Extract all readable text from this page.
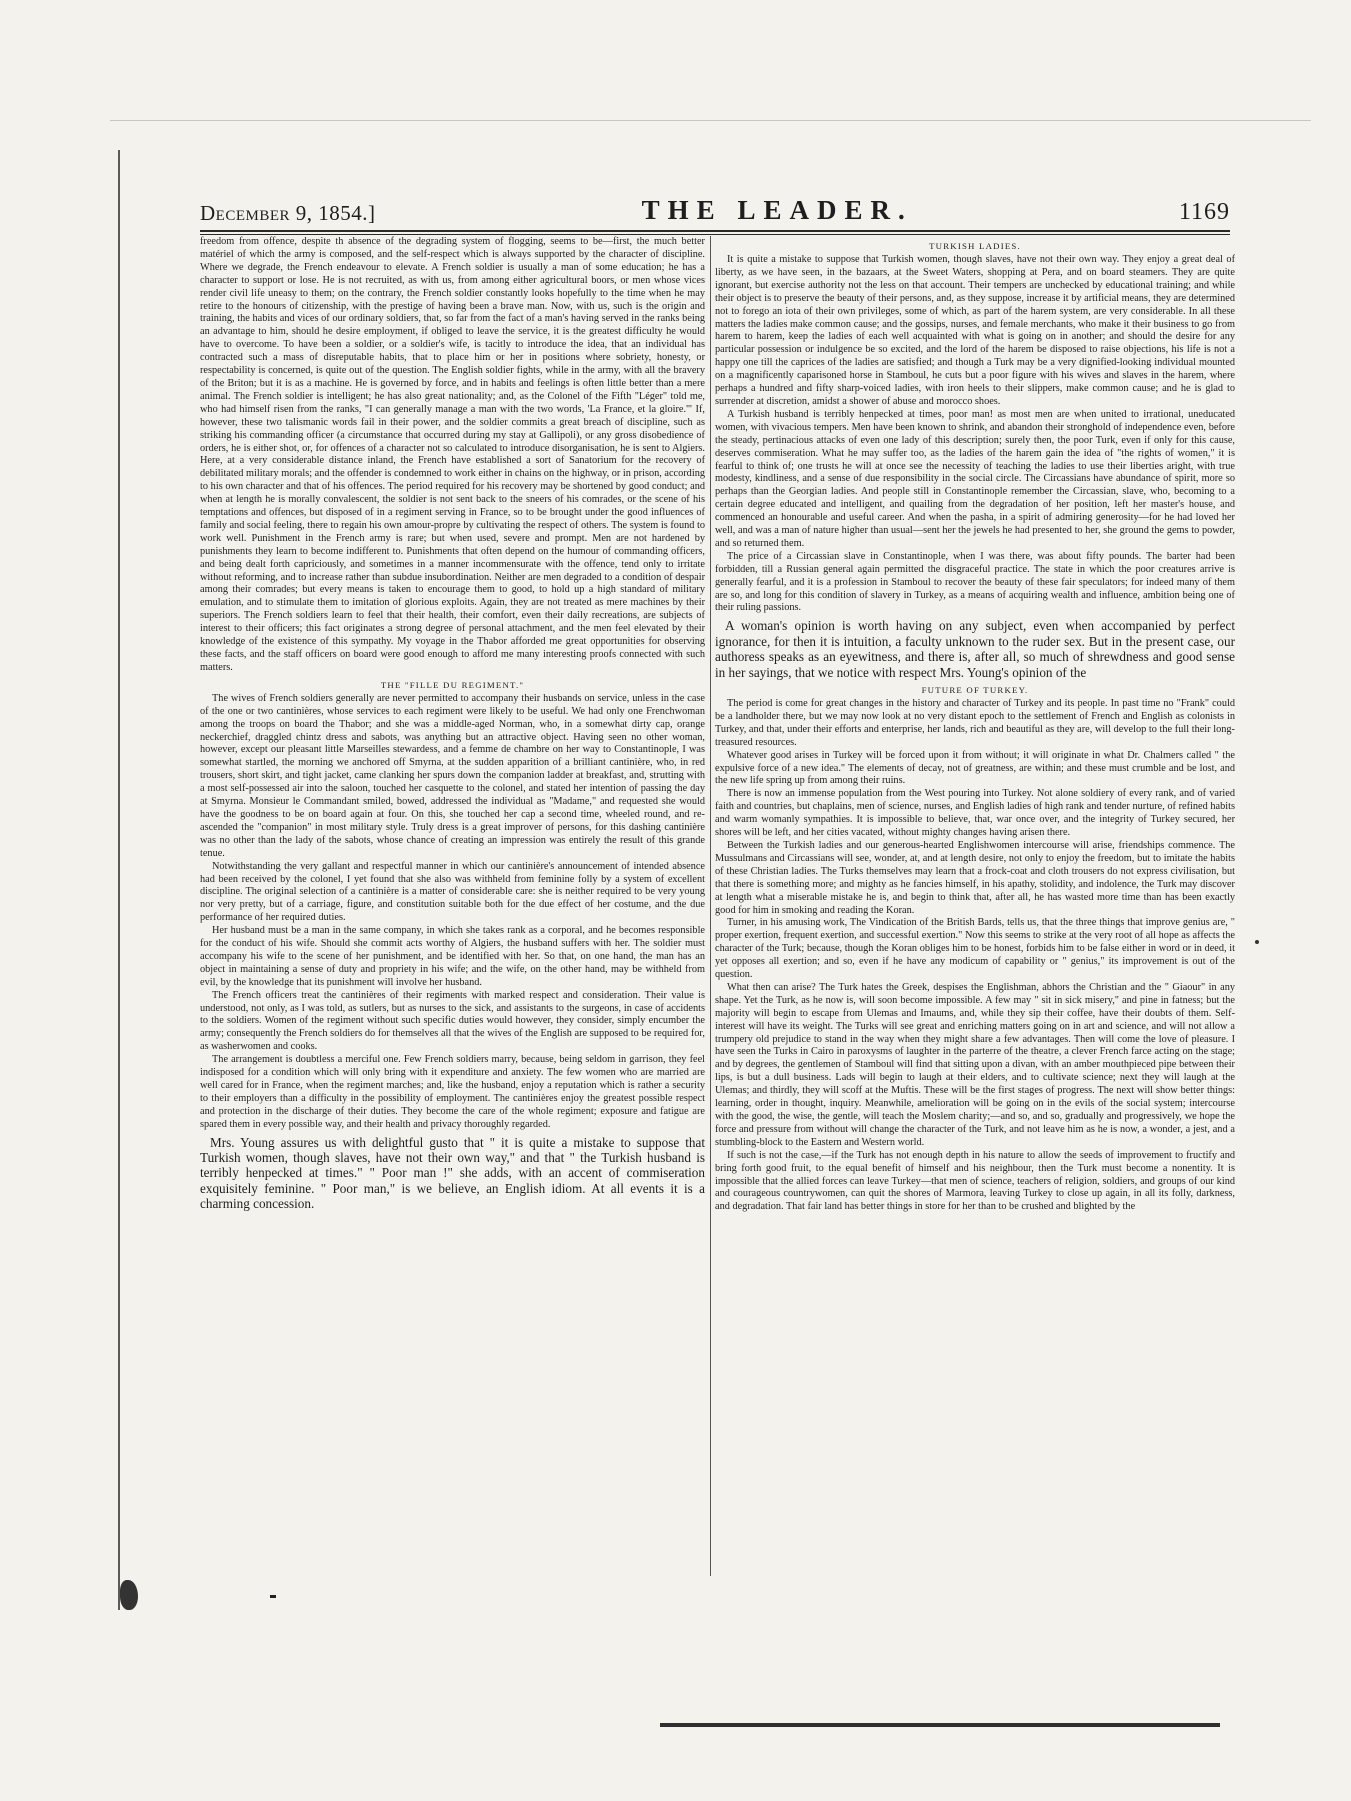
December 9, 1854.]	THE LEADER.	1169

freedom from offence, despite th absence of the degrading system of flogging, seems to be—first, the much better matériel of which the army is composed, and the self-respect which is always supported by the character of discipline. Where we degrade, the French endeavour to elevate. A French soldier is usually a man of some education; he has a character to support or lose. He is not recruited, as with us, from among either agricultural boors, or men whose vices render civil life uneasy to them; on the contrary, the French soldier constantly looks hopefully to the time when he may retire to the honours of citizenship, with the prestige of having been a brave man. Now, with us, such is the origin and training, the habits and vices of our ordinary soldiers, that, so far from the fact of a man's having served in the ranks being an advantage to him, should he desire employment, if obliged to leave the service, it is the greatest difficulty he would have to overcome. To have been a soldier, or a soldier's wife, is tacitly to introduce the idea, that an individual has contracted such a mass of disreputable habits, that to place him or her in positions where sobriety, honesty, or respectability is concerned, is quite out of the question. The English soldier fights, while in the army, with all the bravery of the Briton; but it is as a machine. He is governed by force, and in habits and feelings is often little better than a mere animal. The French soldier is intelligent; he has also great nationality; and, as the Colonel of the Fifth "Léger" told me, who had himself risen from the ranks, "I can generally manage a man with the two words, 'La France, et la gloire.'" If, however, these two talismanic words fail in their power, and the soldier commits a great breach of discipline, such as striking his commanding officer (a circumstance that occurred during my stay at Gallipoli), or any gross disobedience of orders, he is either shot, or, for offences of a character not so calculated to introduce disorganisation, he is sent to Algiers. Here, at a very considerable distance inland, the French have established a sort of Sanatorium for the recovery of debilitated military morals; and the offender is condemned to work either in chains on the highway, or in prison, according to his own character and that of his offences. The period required for his recovery may be shortened by good conduct; and when at length he is morally convalescent, the soldier is not sent back to the sneers of his comrades, or the scene of his temptations and offences, but disposed of in a regiment serving in France, so to be brought under the good influences of family and social feeling, there to regain his own amour-propre by cultivating the respect of others. The system is found to work well. Punishment in the French army is rare; but when used, severe and prompt. Men are not hardened by punishments they learn to become indifferent to. Punishments that often depend on the humour of commanding officers, and being dealt forth capriciously, and sometimes in a manner incommensurate with the offence, tend only to irritate without reforming, and to increase rather than subdue insubordination. Neither are men degraded to a condition of despair among their comrades; but every means is taken to encourage them to good, to hold up a high standard of military emulation, and to stimulate them to imitation of glorious exploits. Again, they are not treated as mere machines by their superiors. The French soldiers learn to feel that their health, their comfort, even their daily recreations, are subjects of interest to their officers; this fact originates a strong degree of personal attachment, and the men feel elevated by their knowledge of the existence of this sympathy. My voyage in the Thabor afforded me great opportunities for observing these facts, and the staff officers on board were good enough to afford me many interesting proofs connected with such matters.

THE "FILLE DU REGIMENT."

The wives of French soldiers generally are never permitted to accompany their husbands on service, unless in the case of the one or two cantinières, whose services to each regiment were likely to be useful. We had only one Frenchwoman among the troops on board the Thabor; and she was a middle-aged Norman, who, in a somewhat dirty cap, orange neckerchief, draggled chintz dress and sabots, was anything but an attractive object. Having seen no other woman, however, except our pleasant little Marseilles stewardess, and a femme de chambre on her way to Constantinople, I was somewhat startled, the morning we anchored off Smyrna, at the sudden apparition of a brilliant cantinière, who, in red trousers, short skirt, and tight jacket, came clanking her spurs down the companion ladder at breakfast, and, strutting with a most self-possessed air into the saloon, touched her casquette to the colonel, and stated her intention of passing the day at Smyrna. Monsieur le Commandant smiled, bowed, addressed the individual as "Madame," and requested she would have the goodness to be on board again at four. On this, she touched her cap a second time, wheeled round, and re-ascended the "companion" in most military style. Truly dress is a great improver of persons, for this dashing cantinière was no other than the lady of the sabots, whose chance of creating an impression was entirely the result of this grande tenue.

Notwithstanding the very gallant and respectful manner in which our cantinière's announcement of intended absence had been received by the colonel, I yet found that she also was withheld from feminine folly by a system of excellent discipline. The original selection of a cantinière is a matter of considerable care: she is neither required to be very young nor very pretty, but of a carriage, figure, and constitution suitable both for the due effect of her costume, and the due performance of her required duties.

Her husband must be a man in the same company, in which she takes rank as a corporal, and he becomes responsible for the conduct of his wife. Should she commit acts worthy of Algiers, the husband suffers with her. The soldier must accompany his wife to the scene of her punishment, and be identified with her. So that, on one hand, the man has an object in maintaining a sense of duty and propriety in his wife; and the wife, on the other hand, may be withheld from evil, by the knowledge that its punishment will involve her husband.

The French officers treat the cantinières of their regiments with marked respect and consideration. Their value is understood, not only, as I was told, as sutlers, but as nurses to the sick, and assistants to the surgeons, in case of accidents to the soldiers. Women of the regiment without such specific duties would however, they consider, simply encumber the army; consequently the French soldiers do for themselves all that the wives of the English are supposed to be required for, as washerwomen and cooks.

The arrangement is doubtless a merciful one. Few French soldiers marry, because, being seldom in garrison, they feel indisposed for a condition which will only bring with it expenditure and anxiety. The few women who are married are well cared for in France, when the regiment marches; and, like the husband, enjoy a reputation which is rather a security to their employers than a difficulty in the possibility of employment. The cantinières enjoy the greatest possible respect and protection in the discharge of their duties. They become the care of the whole regiment; exposure and fatigue are spared them in every possible way, and their health and privacy thoroughly regarded.

Mrs. Young assures us with delightful gusto that " it is quite a mistake to suppose that Turkish women, though slaves, have not their own way," and that " the Turkish husband is terribly henpecked at times." " Poor man !" she adds, with an accent of commiseration exquisitely feminine. " Poor man," is we believe, an English idiom. At all events it is a charming concession.

TURKISH LADIES.

It is quite a mistake to suppose that Turkish women, though slaves, have not their own way. They enjoy a great deal of liberty, as we have seen, in the bazaars, at the Sweet Waters, shopping at Pera, and on board steamers. They are quite ignorant, but exercise authority not the less on that account. Their tempers are unchecked by educational training; and while their object is to preserve the beauty of their persons, and, as they suppose, increase it by artificial means, they are determined not to forego an iota of their own privileges, some of which, as part of the harem system, are very considerable. In all these matters the ladies make common cause; and the gossips, nurses, and female merchants, who make it their business to go from harem to harem, keep the ladies of each well acquainted with what is going on in another; and should the desire for any particular possession or indulgence be so excited, and the lord of the harem be disposed to raise objections, his life is not a happy one till the caprices of the ladies are satisfied; and though a Turk may be a very dignified-looking individual mounted on a magnificently caparisoned horse in Stamboul, he cuts but a poor figure with his wives and slaves in the harem, where perhaps a hundred and fifty sharp-voiced ladies, with iron heels to their slippers, make common cause; and he is glad to surrender at discretion, amidst a shower of abuse and morocco shoes.

A Turkish husband is terribly henpecked at times, poor man! as most men are when united to irrational, uneducated women, with vivacious tempers. Men have been known to shrink, and abandon their stronghold of independence even, before the steady, pertinacious attacks of even one lady of this description; surely then, the poor Turk, even if only for this cause, deserves commiseration. What he may suffer too, as the ladies of the harem gain the idea of "the rights of women," it is fearful to think of; one trusts he will at once see the necessity of teaching the ladies to use their liberties aright, with true modesty, kindliness, and a sense of due responsibility in the social circle. The Circassians have abundance of spirit, more so perhaps than the Georgian ladies. And people still in Constantinople remember the Circassian, slave, who, becoming to a certain degree educated and intelligent, and quailing from the degradation of her position, left her master's house, and commenced an honourable and useful career. And when the pasha, in a spirit of admiring generosity—for he had loved her well, and was a man of nature higher than usual—sent her the jewels he had presented to her, she ground the gems to powder, and so returned them.

The price of a Circassian slave in Constantinople, when I was there, was about fifty pounds. The barter had been forbidden, till a Russian general again permitted the disgraceful practice. The state in which the poor creatures arrive is generally fearful, and it is a profession in Stamboul to recover the beauty of these fair speculators; for indeed many of them are so, and long for this condition of slavery in Turkey, as a means of acquiring wealth and influence, ambition being one of their ruling passions.

A woman's opinion is worth having on any subject, even when accompanied by perfect ignorance, for then it is intuition, a faculty unknown to the ruder sex. But in the present case, our authoress speaks as an eyewitness, and there is, after all, so much of shrewdness and good sense in her sayings, that we notice with respect Mrs. Young's opinion of the

FUTURE OF TURKEY.

The period is come for great changes in the history and character of Turkey and its people. In past time no "Frank" could be a landholder there, but we may now look at no very distant epoch to the settlement of French and English as colonists in Turkey, and that, under their efforts and enterprise, her lands, rich and beautiful as they are, will develop to the full their long-treasured resources.

Whatever good arises in Turkey will be forced upon it from without; it will originate in what Dr. Chalmers called " the expulsive force of a new idea." The elements of decay, not of greatness, are within; and these must crumble and be lost, and the new life spring up from among their ruins.

There is now an immense population from the West pouring into Turkey. Not alone soldiery of every rank, and of varied faith and countries, but chaplains, men of science, nurses, and English ladies of high rank and tender nurture, of refined habits and warm womanly sympathies. It is impossible to believe, that, war once over, and the integrity of Turkey secured, her shores will be left, and her cities vacated, without mighty changes having arisen there.

Between the Turkish ladies and our generous-hearted Englishwomen intercourse will arise, friendships commence. The Mussulmans and Circassians will see, wonder, at, and at length desire, not only to enjoy the freedom, but to imitate the habits of these Christian ladies. The Turks themselves may learn that a frock-coat and cloth trousers do not express civilisation, but that there is something more; and mighty as he fancies himself, in his apathy, stolidity, and indolence, the Turk may discover at length what a miserable mistake he is, and begin to think that, after all, he has wasted more time than has been exactly good for him in smoking and reading the Koran.

Turner, in his amusing work, The Vindication of the British Bards, tells us, that the three things that improve genius are, " proper exertion, frequent exertion, and successful exertion." Now this seems to strike at the very root of all hope as affects the character of the Turk; because, though the Koran obliges him to be honest, forbids him to be false either in word or in deed, it yet opposes all exertion; and so, even if he have any modicum of capability or " genius," its improvement is out of the question.

What then can arise? The Turk hates the Greek, despises the Englishman, abhors the Christian and the " Giaour" in any shape. Yet the Turk, as he now is, will soon become impossible. A few may " sit in sick misery," and pine in fatness; but the majority will begin to escape from Ulemas and Imaums, and, while they sip their coffee, have their doubts of them. Self-interest will have its weight. The Turks will see great and enriching matters going on in art and science, and will not allow a trumpery old prejudice to stand in the way when they might share a few advantages. Then will come the love of pleasure. I have seen the Turks in Cairo in paroxysms of laughter in the parterre of the theatre, a clever French farce acting on the stage; and by degrees, the gentlemen of Stamboul will find that sitting upon a divan, with an amber mouthpieced pipe between their lips, is but a dull business. Lads will begin to laugh at their elders, and to cultivate science; next they will laugh at the Ulemas; and thirdly, they will scoff at the Muftis. These will be the first stages of progress. The next will show better things: learning, order in thought, inquiry. Meanwhile, amelioration will be going on in the evils of the social system; intercourse with the good, the wise, the gentle, will teach the Moslem charity;—and so, and so, gradually and progressively, we hope the force and pressure from without will change the character of the Turk, and not leave him as he is now, a wonder, a jest, and a stumbling-block to the Eastern and Western world.

If such is not the case,—if the Turk has not enough depth in his nature to allow the seeds of improvement to fructify and bring forth good fruit, to the equal benefit of himself and his neighbour, then the Turk must become a nonentity. It is impossible that the allied forces can leave Turkey—that men of science, teachers of religion, soldiers, and groups of our kind and courageous countrywomen, can quit the shores of Marmora, leaving Turkey to close up again, in all its folly, darkness, and degradation. That fair land has better things in store for her than to be crushed and blighted by the
